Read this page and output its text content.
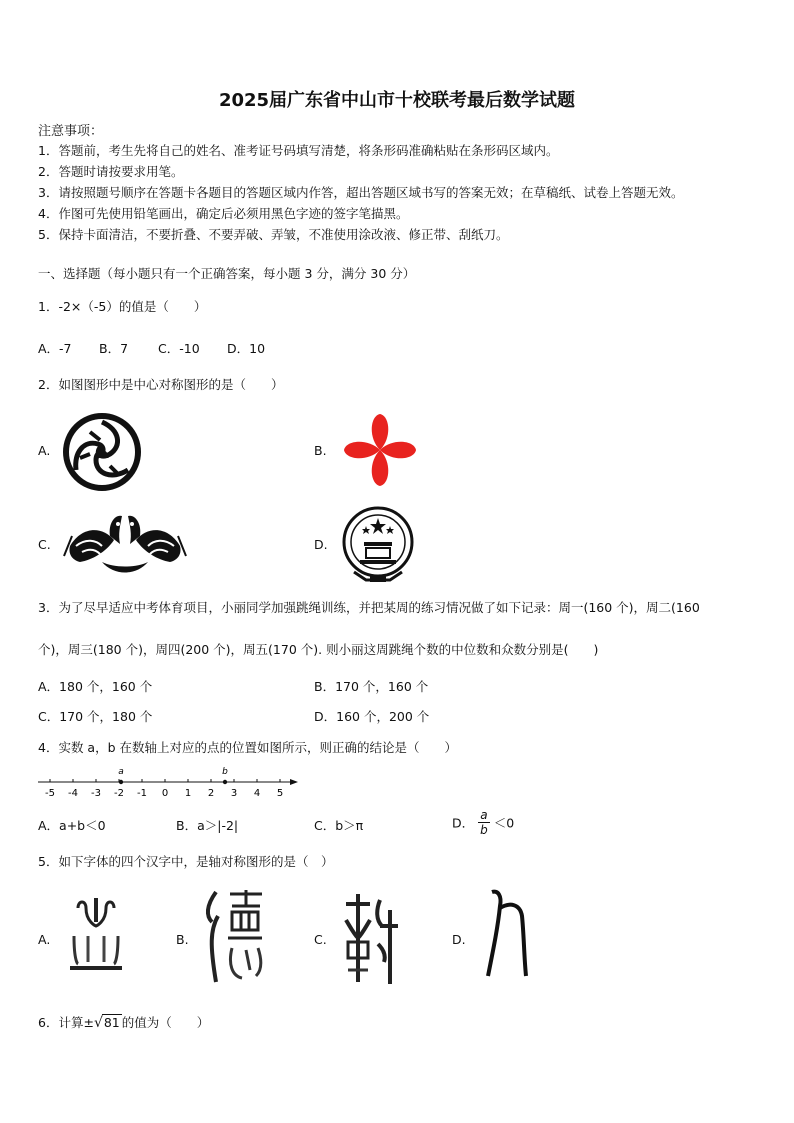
2025届广东省中山市十校联考最后数学试题
注意事项：
1．答题前，考生先将自己的姓名、准考证号码填写清楚，将条形码准确粘贴在条形码区域内。
2．答题时请按要求用笔。
3．请按照题号顺序在答题卡各题目的答题区域内作答，超出答题区域书写的答案无效；在草稿纸、试卷上答题无效。
4．作图可先使用铅笔画出，确定后必须用黑色字迹的签字笔描黑。
5．保持卡面清洁，不要折叠、不要弄破、弄皱，不准使用涂改液、修正带、刮纸刀。
一、选择题（每小题只有一个正确答案，每小题 3 分，满分 30 分）
1．-2×（-5）的值是（　　）
A．-7 B．7 C．-10 D．10
2．如图图形中是中心对称图形的是（　　）
A.	B.
C.	D.
3．为了尽早适应中考体育项目，小丽同学加强跳绳训练，并把某周的练习情况做了如下记录：周一(160 个)，周二(160
个)，周三(180 个)，周四(200 个)，周五(170 个). 则小丽这周跳绳个数的中位数和众数分别是(　　)
A．180 个，160 个	B．170 个，160 个
C．170 个，180 个	D．160 个，200 个
4．实数 a，b 在数轴上对应的点的位置如图所示，则正确的结论是（　　）
a	b
-5 -4 -3 -2 -1 0 1 2 3 4 5
A．a+b＜0	B．a＞|-2|	C．b＞π	D． $\frac{a}{b} <0$
5．如下字体的四个汉字中，是轴对称图形的是（　）
A.	B.	C.	D.
6．计算±√81 的值为（　　）
